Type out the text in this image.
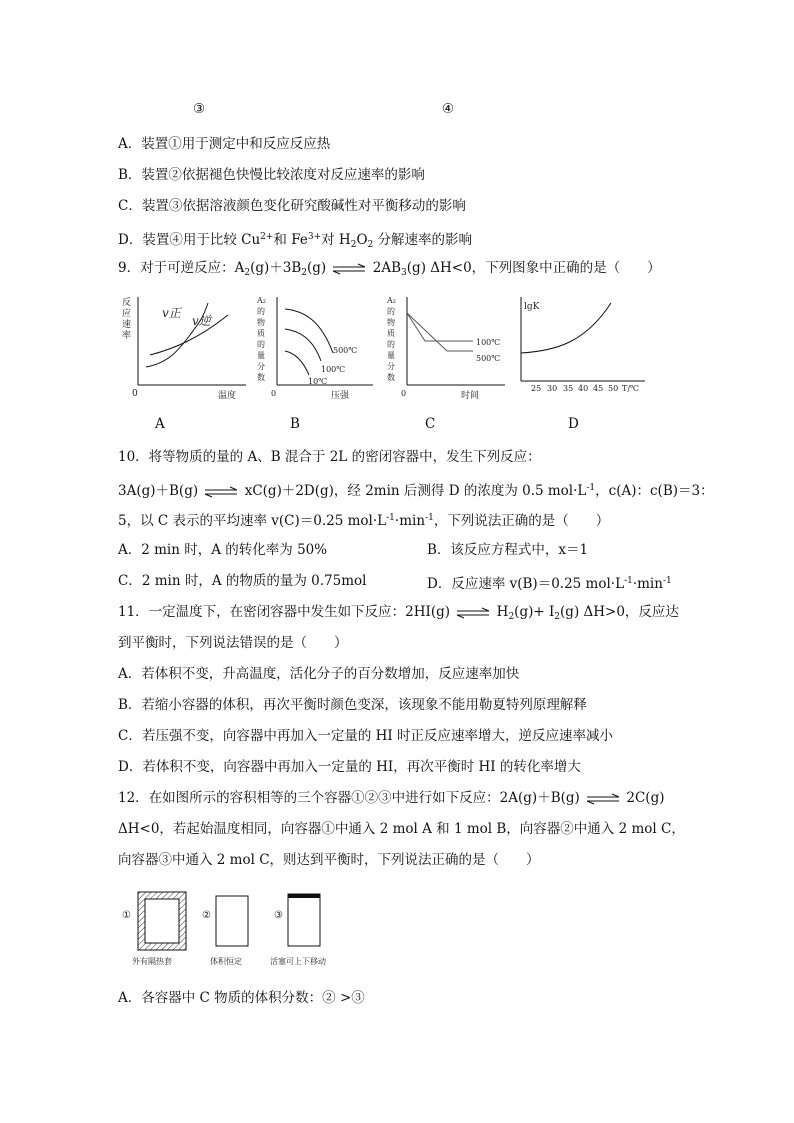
③	④
A．装置①用于测定中和反应反应热
B．装置②依据褪色快慢比较浓度对反应速率的影响
C．装置③依据溶液颜色变化研究酸碱性对平衡移动的影响
D．装置④用于比较 $Cu^{2+}$和 $Fe^{3+}$对 $H_2O_2$ 分解速率的影响
9．对于可逆反应：$A_2(g)+3B_2(g)$ ⇌ $2AB_3(g)$ ΔH<0，下列图象中正确的是（　　）
反
应
速
率
0	温度
v正
v逆
A
A₂
的
物
质
的
量
分
数
0	压强
500℃
100℃
10℃
B
A₂
的
物
质
的
量
分
数
0	时间
100℃
500℃
C
lgK
25 30 35 40 45 50 T/℃
D
10．将等物质的量的 A、B 混合于 2L 的密闭容器中，发生下列反应：
3A(g)＋B(g) ⇌ xC(g)＋2D(g)，经 2min 后测得 D 的浓度为 0.5 $mol\cdot L^{-1}$，c(A)：c(B)＝3：
5，以 C 表示的平均速率 v(C)＝0.25 $mol\cdot L^{-1}\cdot\min^{-1}$，下列说法正确的是（　　）
A．2 min 时，A 的转化率为 50%	B．该反应方程式中，x＝1
C．2 min 时，A 的物质的量为 0.75mol	D．反应速率 v(B)＝0.25 $mol\cdot L^{-1}\cdot\min^{-1}$
11．一定温度下，在密闭容器中发生如下反应：2HI(g) ⇌ $H_2(g)+ I_2(g)$ ΔH>0，反应达
到平衡时，下列说法错误的是（　　）
A．若体积不变，升高温度，活化分子的百分数增加，反应速率加快
B．若缩小容器的体积，再次平衡时颜色变深，该现象不能用勒夏特列原理解释
C．若压强不变，向容器中再加入一定量的 HI 时正反应速率增大，逆反应速率减小
D．若体积不变，向容器中再加入一定量的 HI，再次平衡时 HI 的转化率增大
12．在如图所示的容积相等的三个容器①②③中进行如下反应：2A(g)＋B(g) ⇌ 2C(g)
ΔH<0，若起始温度相同，向容器①中通入 2 mol A 和 1 mol B，向容器②中通入 2 mol C，
向容器③中通入 2 mol C，则达到平衡时，下列说法正确的是（　　）
①
外有隔热套
②
体积恒定
③
活塞可上下移动
A．各容器中 C 物质的体积分数：② >③
